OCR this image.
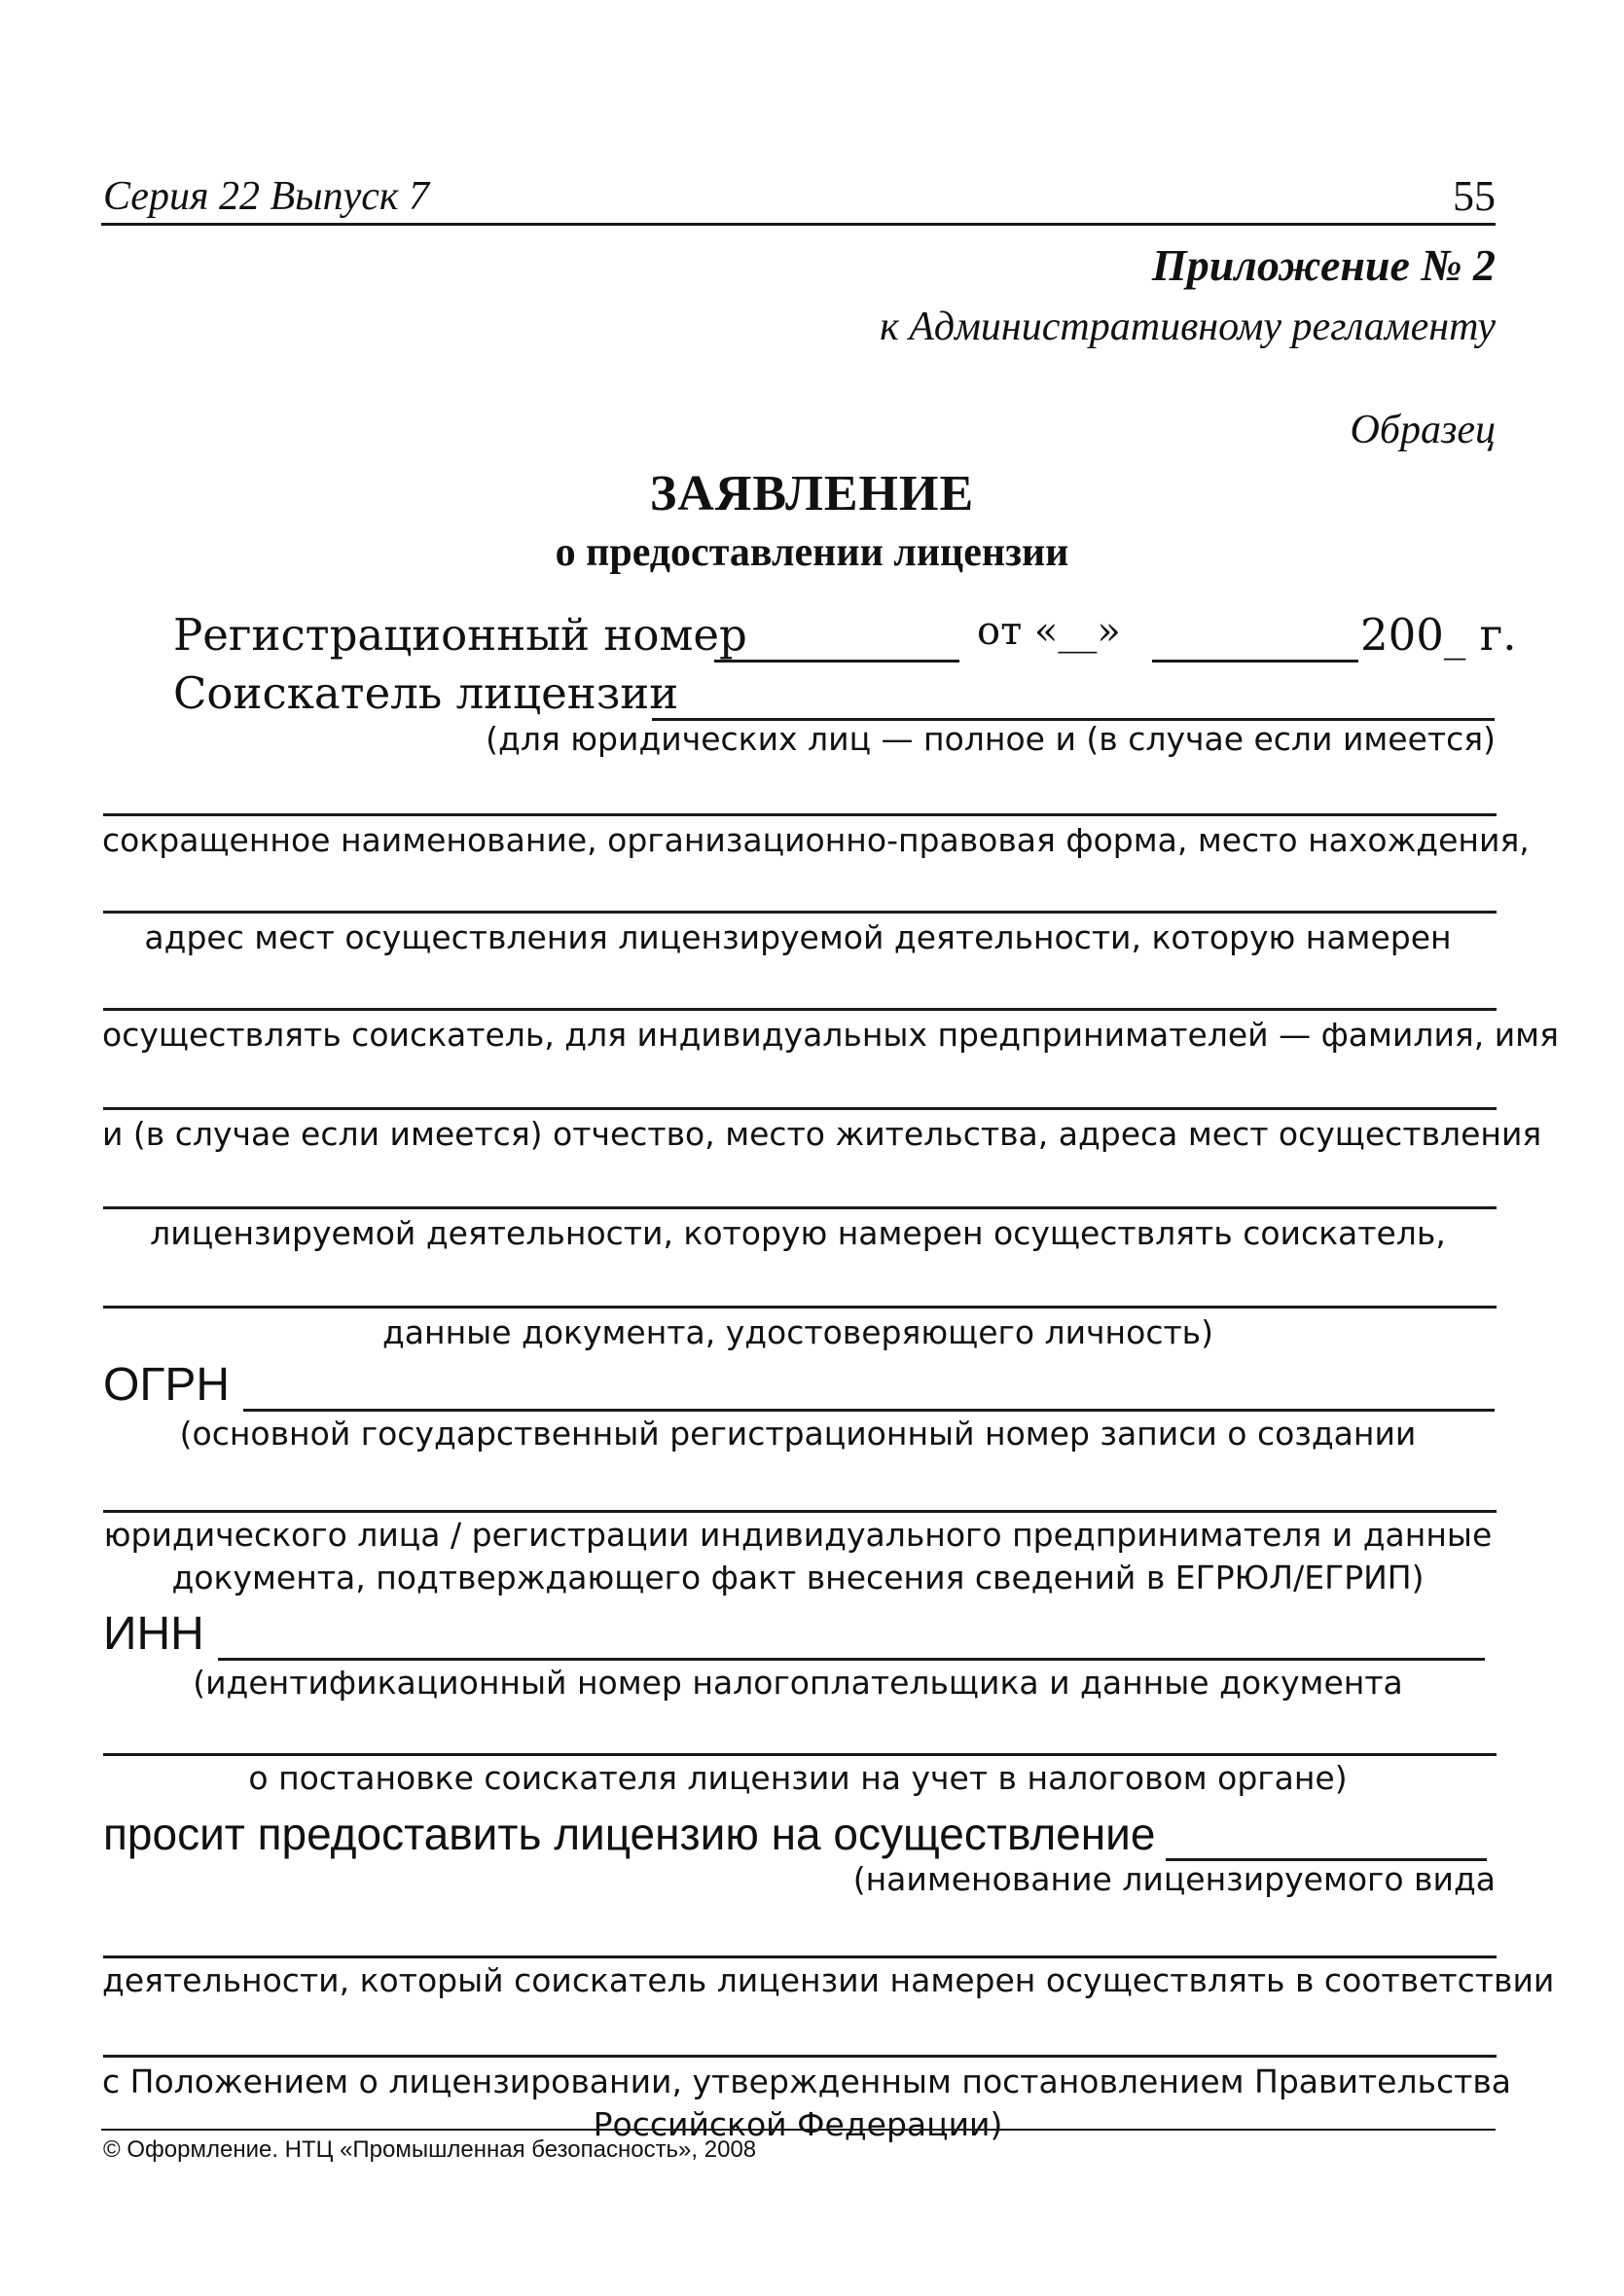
Серия 22 Выпуск 7	55
Приложение № 2
к Административному регламенту
Образец
ЗАЯВЛЕНИЕ
о предоставлении лицензии
Регистрационный номер	от «__»	200_ г.
Соискатель лицензии
(для юридических лиц — полное и (в случае если имеется)
сокращенное наименование, организационно-правовая форма, место нахождения,
адрес мест осуществления лицензируемой деятельности, которую намерен
осуществлять соискатель, для индивидуальных предпринимателей — фамилия, имя
и (в случае если имеется) отчество, место жительства, адреса мест осуществления
лицензируемой деятельности, которую намерен осуществлять соискатель,
данные документа, удостоверяющего личность)
ОГРН
(основной государственный регистрационный номер записи о создании
юридического лица / регистрации индивидуального предпринимателя и данные
документа, подтверждающего факт внесения сведений в ЕГРЮЛ/ЕГРИП)
ИНН
(идентификационный номер налогоплательщика и данные документа
о постановке соискателя лицензии на учет в налоговом органе)
просит предоставить лицензию на осуществление
(наименование лицензируемого вида
деятельности, который соискатель лицензии намерен осуществлять в соответствии
с Положением о лицензировании, утвержденным постановлением Правительства
Российской Федерации)
© Оформление. НТЦ «Промышленная безопасность», 2008
